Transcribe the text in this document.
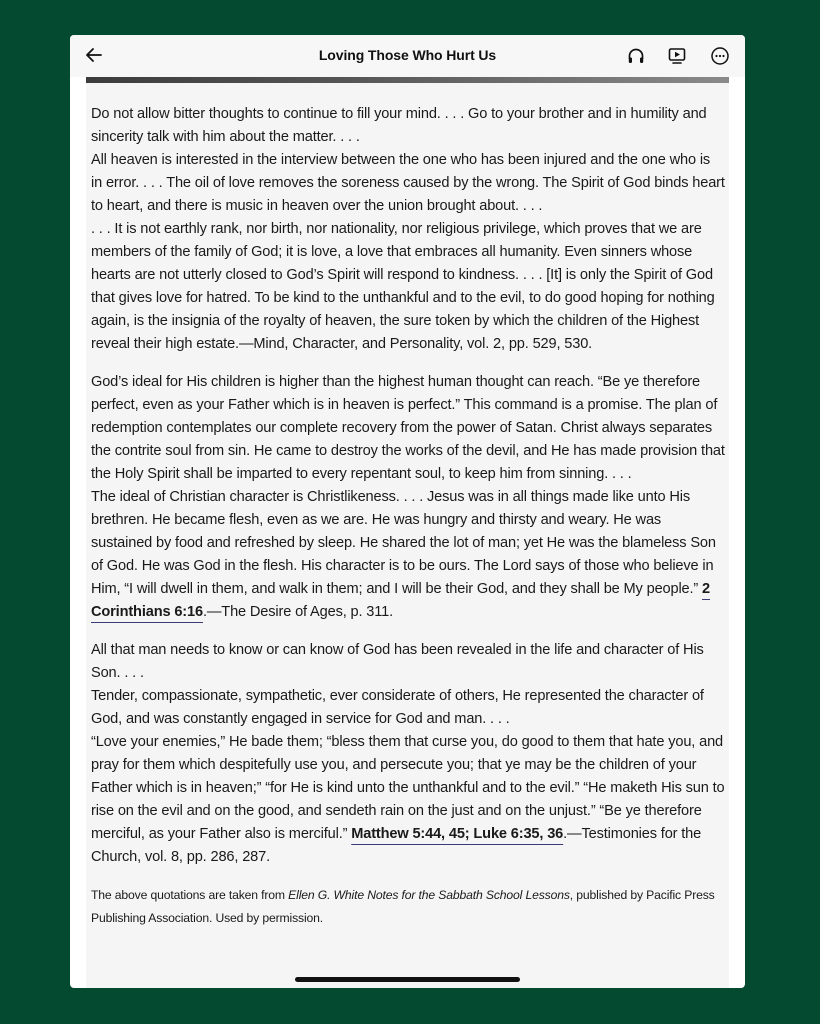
Loving Those Who Hurt Us

Do not allow bitter thoughts to continue to fill your mind. . . . Go to your brother and in humility and sincerity talk with him about the matter. . . .
All heaven is interested in the interview between the one who has been injured and the one who is in error. . . . The oil of love removes the soreness caused by the wrong. The Spirit of God binds heart to heart, and there is music in heaven over the union brought about. . . .
. . . It is not earthly rank, nor birth, nor nationality, nor religious privilege, which proves that we are members of the family of God; it is love, a love that embraces all humanity. Even sinners whose hearts are not utterly closed to God’s Spirit will respond to kindness. . . . [It] is only the Spirit of God that gives love for hatred. To be kind to the unthankful and to the evil, to do good hoping for nothing again, is the insignia of the royalty of heaven, the sure token by which the children of the Highest reveal their high estate.—Mind, Character, and Personality, vol. 2, pp. 529, 530.

God’s ideal for His children is higher than the highest human thought can reach. “Be ye therefore perfect, even as your Father which is in heaven is perfect.” This command is a promise. The plan of redemption contemplates our complete recovery from the power of Satan. Christ always separates the contrite soul from sin. He came to destroy the works of the devil, and He has made provision that the Holy Spirit shall be imparted to every repentant soul, to keep him from sinning. . . .
The ideal of Christian character is Christlikeness. . . . Jesus was in all things made like unto His brethren. He became flesh, even as we are. He was hungry and thirsty and weary. He was sustained by food and refreshed by sleep. He shared the lot of man; yet He was the blameless Son of God. He was God in the flesh. His character is to be ours. The Lord says of those who believe in Him, “I will dwell in them, and walk in them; and I will be their God, and they shall be My people.” 2 Corinthians 6:16.—The Desire of Ages, p. 311.

All that man needs to know or can know of God has been revealed in the life and character of His Son. . . .
Tender, compassionate, sympathetic, ever considerate of others, He represented the character of God, and was constantly engaged in service for God and man. . . .
“Love your enemies,” He bade them; “bless them that curse you, do good to them that hate you, and pray for them which despitefully use you, and persecute you; that ye may be the children of your Father which is in heaven;” “for He is kind unto the unthankful and to the evil.” “He maketh His sun to rise on the evil and on the good, and sendeth rain on the just and on the unjust.” “Be ye therefore merciful, as your Father also is merciful.” Matthew 5:44, 45; Luke 6:35, 36.—Testimonies for the Church, vol. 8, pp. 286, 287.

The above quotations are taken from Ellen G. White Notes for the Sabbath School Lessons, published by Pacific Press Publishing Association. Used by permission.
